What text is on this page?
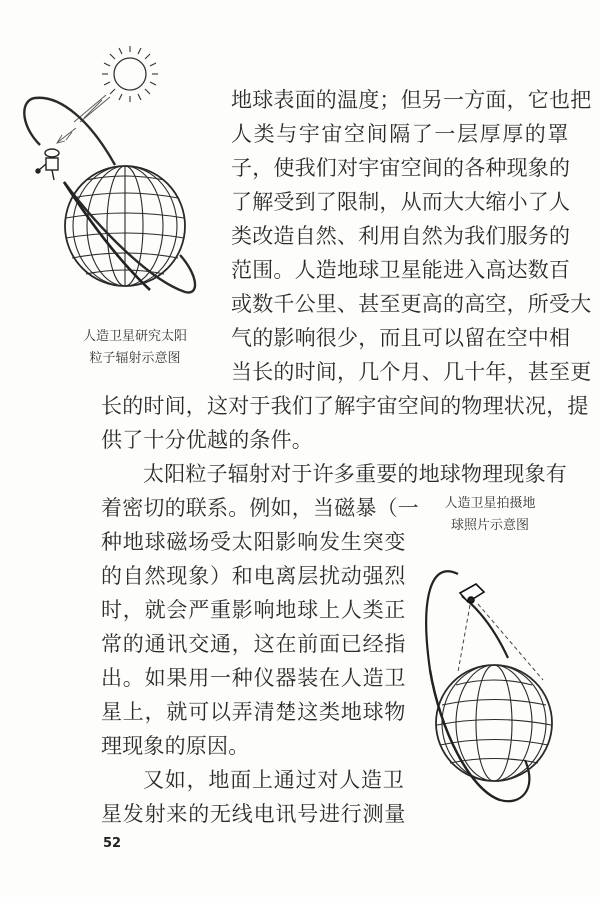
人造卫星研究太阳
粒子辐射示意图
人造卫星拍摄地
球照片示意图
地球表面的温度；但另一方面，它也把
人类与宇宙空间隔了一层厚厚的罩
子，使我们对宇宙空间的各种现象的
了解受到了限制，从而大大缩小了人
类改造自然、利用自然为我们服务的
范围。人造地球卫星能进入高达数百
或数千公里、甚至更高的高空，所受大
气的影响很少，而且可以留在空中相
当长的时间，几个月、几十年，甚至更
长的时间，这对于我们了解宇宙空间的物理状况，提
供了十分优越的条件。
太阳粒子辐射对于许多重要的地球物理现象有
着密切的联系。例如，当磁暴（一
种地球磁场受太阳影响发生突变
的自然现象）和电离层扰动强烈
时，就会严重影响地球上人类正
常的通讯交通，这在前面已经指
出。如果用一种仪器装在人造卫
星上，就可以弄清楚这类地球物
理现象的原因。
又如，地面上通过对人造卫
星发射来的无线电讯号进行测量
52
